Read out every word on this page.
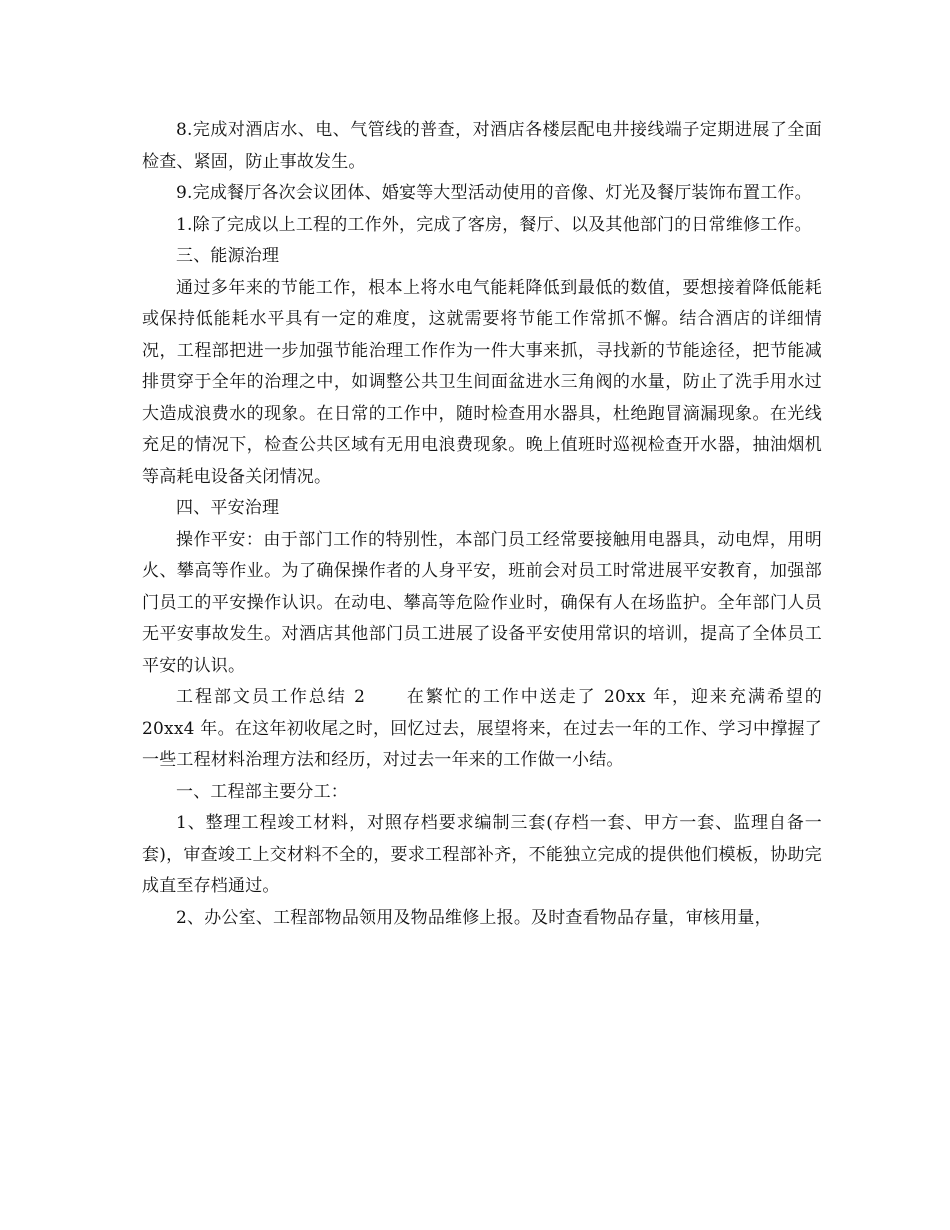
8.完成对酒店水、电、气管线的普查，对酒店各楼层配电井接线端子定期进展了全面检查、紧固，防止事故发生。

9.完成餐厅各次会议团体、婚宴等大型活动使用的音像、灯光及餐厅装饰布置工作。

1.除了完成以上工程的工作外，完成了客房，餐厅、以及其他部门的日常维修工作。

三、能源治理

通过多年来的节能工作，根本上将水电气能耗降低到最低的数值，要想接着降低能耗或保持低能耗水平具有一定的难度，这就需要将节能工作常抓不懈。结合酒店的详细情况，工程部把进一步加强节能治理工作作为一件大事来抓，寻找新的节能途径，把节能减排贯穿于全年的治理之中，如调整公共卫生间面盆进水三角阀的水量，防止了洗手用水过大造成浪费水的现象。在日常的工作中，随时检查用水器具，杜绝跑冒滴漏现象。在光线充足的情况下，检查公共区域有无用电浪费现象。晚上值班时巡视检查开水器，抽油烟机等高耗电设备关闭情况。

四、平安治理

操作平安：由于部门工作的特别性，本部门员工经常要接触用电器具，动电焊，用明火、攀高等作业。为了确保操作者的人身平安，班前会对员工时常进展平安教育，加强部门员工的平安操作认识。在动电、攀高等危险作业时，确保有人在场监护。全年部门人员无平安事故发生。对酒店其他部门员工进展了设备平安使用常识的培训，提高了全体员工平安的认识。

工程部文员工作总结 2 在繁忙的工作中送走了 20xx 年，迎来充满希望的 20xx4 年。在这年初收尾之时，回忆过去，展望将来，在过去一年的工作、学习中撑握了一些工程材料治理方法和经历，对过去一年来的工作做一小结。

一、工程部主要分工：

1、整理工程竣工材料，对照存档要求编制三套(存档一套、甲方一套、监理自备一套)，审查竣工上交材料不全的，要求工程部补齐，不能独立完成的提供他们模板，协助完成直至存档通过。

2、办公室、工程部物品领用及物品维修上报。及时查看物品存量，审核用量，
